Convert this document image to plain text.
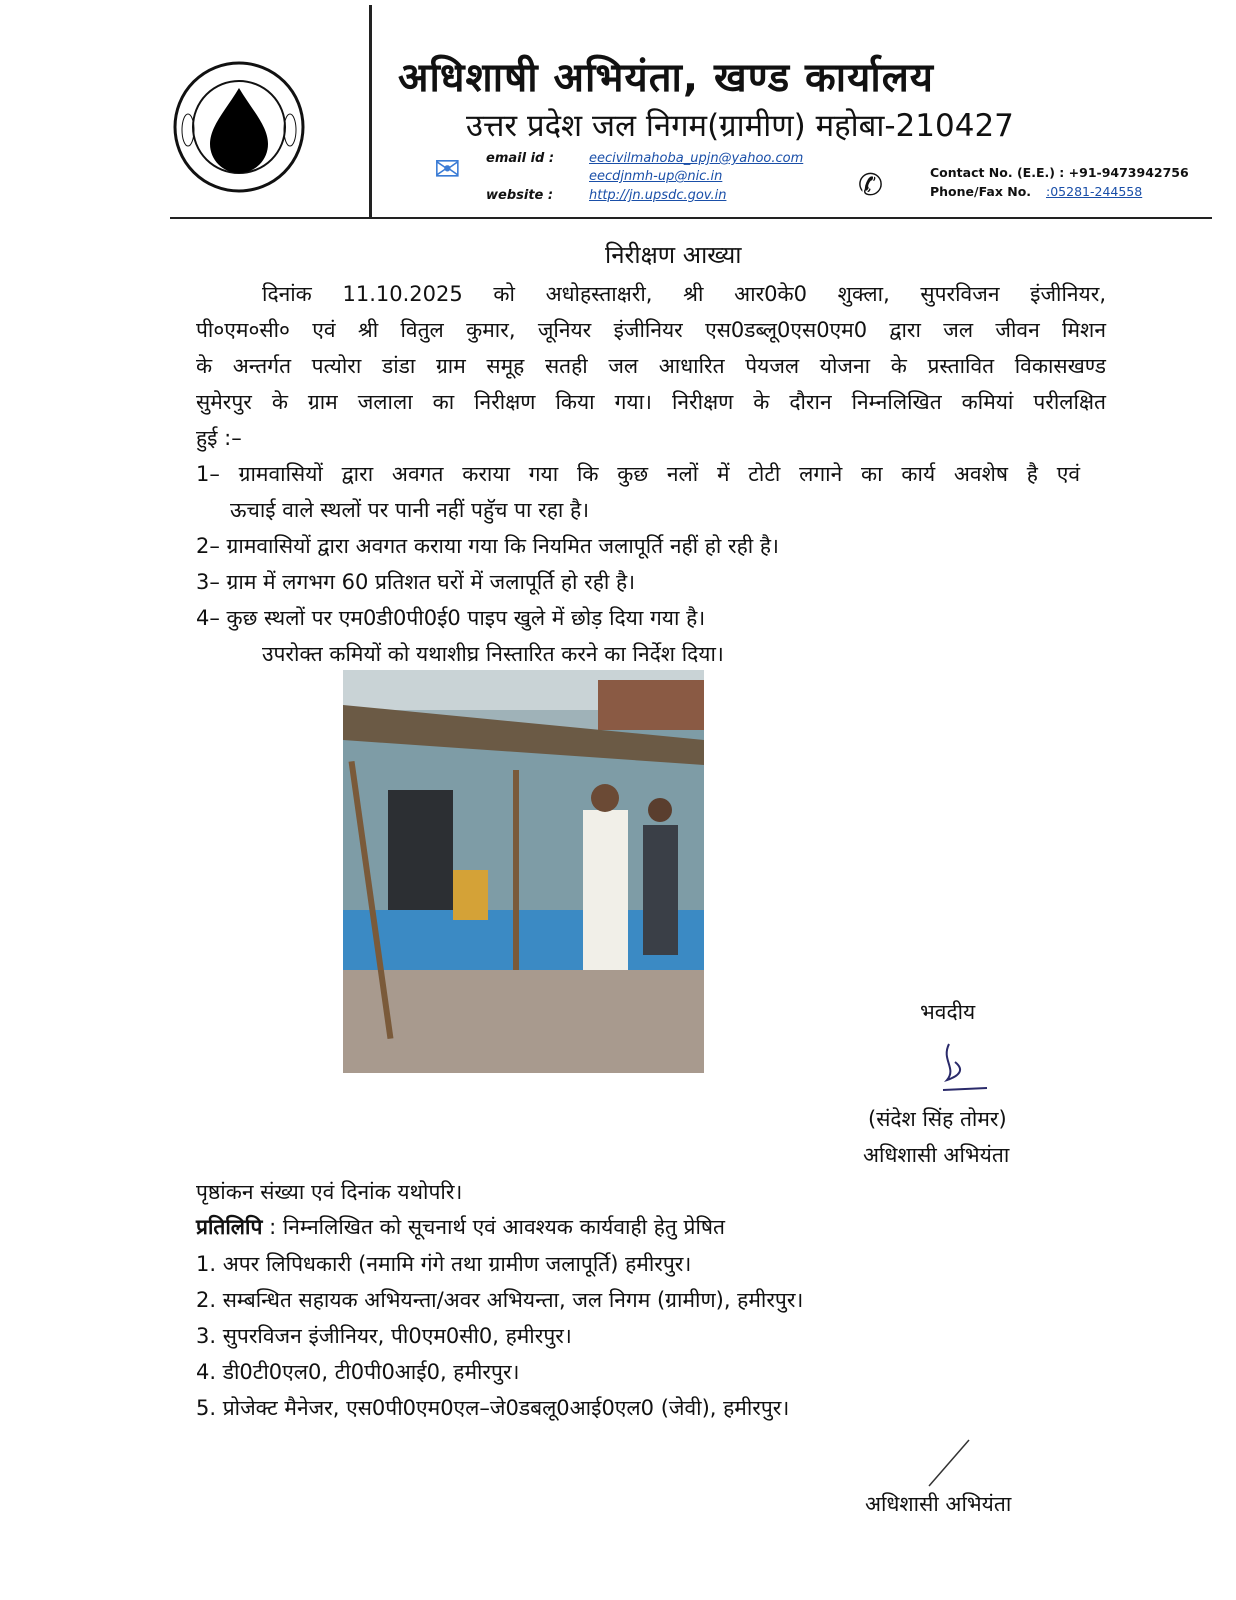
अधिशाषी अभियंता, खण्ड कार्यालय
उत्तर प्रदेश जल निगम(ग्रामीण) महोबा-210427
✉ email id :	eecivilmahoba_upjn@yahoo.com
eecdjnmh-up@nic.in
website :	http://jn.upsdc.gov.in	✆	Contact No. (E.E.) : +91-9473942756
Phone/Fax No. :05281-244558
निरीक्षण आख्या
दिनांक 11.10.2025 को अधोहस्ताक्षरी, श्री आर0के0 शुक्ला, सुपरविजन इंजीनियर,
पी०एम०सी० एवं श्री वितुल कुमार, जूनियर इंजीनियर एस0डब्लू0एस0एम0 द्वारा जल जीवन मिशन
के अन्तर्गत पत्योरा डांडा ग्राम समूह सतही जल आधारित पेयजल योजना के प्रस्तावित विकासखण्ड
सुमेरपुर के ग्राम जलाला का निरीक्षण किया गया। निरीक्षण के दौरान निम्नलिखित कमियां परीलक्षित
हुई :–
1– ग्रामवासियों द्वारा अवगत कराया गया कि कुछ नलों में टोटी लगाने का कार्य अवशेष है एवं
ऊचाई वाले स्थलों पर पानी नहीं पहुॅच पा रहा है।
2– ग्रामवासियों द्वारा अवगत कराया गया कि नियमित जलापूर्ति नहीं हो रही है।
3– ग्राम में लगभग 60 प्रतिशत घरों में जलापूर्ति हो रही है।
4– कुछ स्थलों पर एम0डी0पी0ई0 पाइप खुले में छोड़ दिया गया है।
उपरोक्त कमियों को यथाशीघ्र निस्तारित करने का निर्देश दिया।
भवदीय
(संदेश सिंह तोमर)
अधिशासी अभियंता
पृष्ठांकन संख्या एवं दिनांक यथोपरि।
प्रतिलिपि : निम्नलिखित को सूचनार्थ एवं आवश्यक कार्यवाही हेतु प्रेषित
1. अपर लिपिधकारी (नमामि गंगे तथा ग्रामीण जलापूर्ति) हमीरपुर।
2. सम्बन्धित सहायक अभियन्ता/अवर अभियन्ता, जल निगम (ग्रामीण), हमीरपुर।
3. सुपरविजन इंजीनियर, पी0एम0सी0, हमीरपुर।
4. डी0टी0एल0, टी0पी0आई0, हमीरपुर।
5. प्रोजेक्ट मैनेजर, एस0पी0एम0एल–जे0डबलू0आई0एल0 (जेवी), हमीरपुर।
अधिशासी अभियंता
